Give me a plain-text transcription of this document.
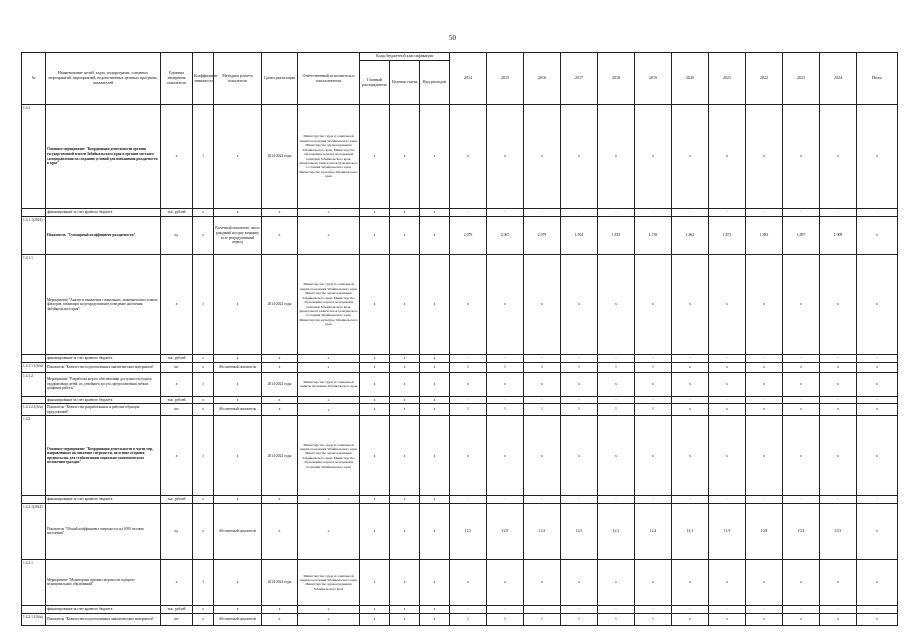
50
№	Наименование целей, задач, подпрограмм, основных мероприятий, мероприятий, ведомственных целевых программ, показателей	Единица измерения показателя	Коэффициент значимости	Методика расчета показателя	Сроки реализации	Ответственный исполнитель и соисполнители	Коды бюджетной классификации			2014	2015	2016	2017	2018	2019	2020	2021	2022	2023	2024	Итого
							Главный распорядитель	Целевая статья	Вид расходов												
1.4.1	Основное мероприятие "Координация деятельности органов государственной власти Забайкальского края и органов местного самоуправления по созданию условий для повышения рождаемости в крае"	х	1	х	2014-2024 годы	Министерство труда и социальной защиты населения Забайкальского края, Министерство здравоохранения Забайкальского края, Министерство образования, науки и молодежной политики Забайкальского края, Департамент записи актов гражданского состояния Забайкальского края, Министерство культуры Забайкальского края	х	х	х	х	х	х	х	х	х	х	х	х	х	х	х
	финансирование за счет краевого бюджета	тыс. рублей	х	х	х	х	х	х	х	-	-	-	-	-	-	-	-	-	-	-	-
1.4.1.1(2024)	Показатель "Суммарный коэффициент рождаемости"	ед.	х	Расчетный показатель: число рождений на одну женщину за ее репродуктивный период	х	х	х	х	х	2,079	2,067	2,079	1,954	1,819	1,739	1,862	1,873	1,883	1,897	1,908	х
1.4.1.1	Мероприятие "Анализ и выявление социальных, экономических и иных факторов, влияющих на репродуктивное поведение населения Забайкальского края"	х	1	х	2014-2024 годы	Министерство труда и социальной защиты населения Забайкальского края, Министерство здравоохранения Забайкальского края, Министерство образования, науки и молодежной политики Забайкальского края, Департамент записи актов гражданского состояния Забайкальского края, Министерство культуры Забайкальского края	х	х	х	х	х	х	х	х	х	х	х	х	х	х	х
	финансирование за счет краевого бюджета	тыс. рублей	х	х	х	х	х	х	х	-	-	-	-	-	-	-	-	-	-	-	-
1.4.1.1.1(б/н)	Показатель "Количество подготовленных аналитических материалов"	шт	х	Абсолютный показатель	х	х	х	х	х	1	1	1	1	1	1	х	х	х	х	х	х
1.4.1.2	Мероприятие "Разработка мер по обеспечению доступности отдыха, оздоровления детей, их семейного досуга, предоставления гибких графиков работы"	х	1	х	2014-2024 годы	Министерство труда и социальной защиты населения Забайкальского края	х	х	х	х	х	х	х	х	х	х	х	х	х	х	х
	финансирование за счет краевого бюджета	тыс. рублей	х	х	х	х	х	х	х	-	-	-	-	-	-	-	-	-	-	-	-
1.4.1.2.1(б/н)	Показатель "Количество разработанных и рабочих образцов предложений"	шт	х	Абсолютный показатель	х	х	х	х	х	1	1	1	1	1	1	х	х	х	х	х	х
1.4.2	Основное мероприятие "Координация деятельности в части мер, направленных на снижение смертности, на основе создания предпосылок для стабилизации социально-экономического положения граждан"	х	1	х	2014-2024 годы	Министерство труда и социальной защиты населения Забайкальского края, Министерство здравоохранения Забайкальского края, Министерство образования, науки и молодежной политики Забайкальского края	х	х	х	х	х	х	х	х	х	х	х	х	х	х	х
	финансирование за счет краевого бюджета	тыс. рублей	х	х	х	х	х	х	х	-	-	-	-	-	-	-	-	-	-	-	-
1.4.2.1(2024)	Показатель "Общий коэффициент смертности, на 1000 человек населения"	ед.	х	Абсолютный показатель	х	х	х	х	х	12,5	12,9	12,3	12,5	12,1	12,4	11,3	11,9	10,8	10,4	10,3	х
1.4.2.1	Мероприятие "Мониторинг причин смертности в разрезе муниципальных образований"	х	1	х	2014-2024 годы	Министерство труда и социальной защиты населения Забайкальского края, Министерство здравоохранения Забайкальского края	х	х	х	х	х	х	х	х	х	х	х	х	х	х	х
	финансирование за счет краевого бюджета	тыс. рублей	х	х	х	х	х	х	х	-	-	-	-	-	-	-	-	-	-	-	-
1.4.2.1.1(б/н)	Показатель "Количество подготовленных аналитических материалов"	шт	х	Абсолютный показатель	х	х	х	х	х	1	1	1	1	1	1	х	х	х	х	х	х
